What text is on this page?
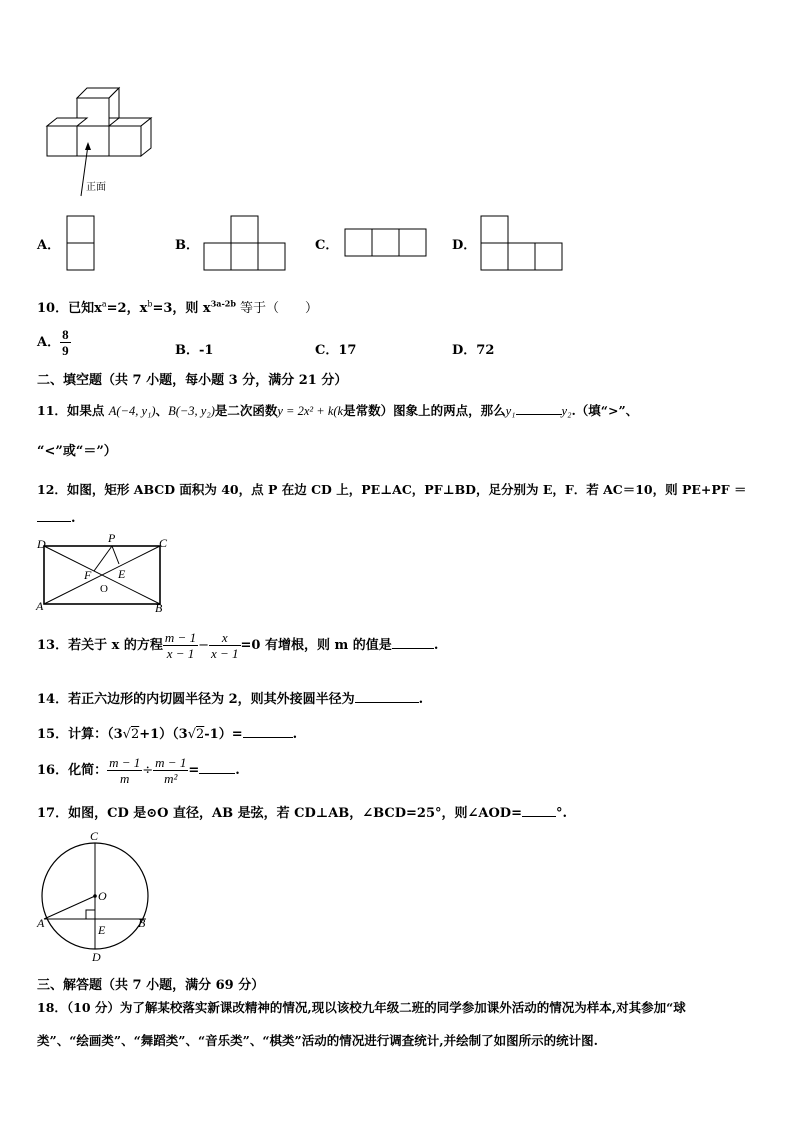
正面
A．	B．	C．	D．
10．已知$x^a=2$，$x^b=3$，则 $x^{3a-2b}$ 等于（　　）
A． $\frac{8}{9}$	B．-1	C．17	D．72
二、填空题（共 7 小题，每小题 3 分，满分 21 分）
11．如果点 A(−4, y₁)、B(−3, y₂)是二次函数y = 2x² + k(k是常数）图象上的两点，那么y₁	y₂.（填“>”、
“<”或“＝”）
12．如图，矩形 ABCD 面积为 40，点 P 在边 CD 上，PE⊥AC，PF⊥BD，足分别为 E，F．若 AC＝10，则 PE+PF ＝
.
D	P	C
F E
O
A	B
13．若关于 x 的方程 $\frac{m - 1}{x - 1} - \frac{x}{x - 1} =0$ 有增根，则 m 的值是	.
14．若正六边形的内切圆半径为 2，则其外接圆半径为	.
15．计算：（3√2+1）（3√2-1）=	.
16．化简： $\frac{m - 1}{m} \div \frac{m - 1}{\text{m²}}$ =	.
17．如图，CD 是⊙O 直径，AB 是弦，若 CD⊥AB，∠BCD=25°，则∠AOD=	°.
C
O
A	B
E
D
三、解答题（共 7 小题，满分 69 分）
18．（10 分）为了解某校落实新课改精神的情况,现以该校九年级二班的同学参加课外活动的情况为样本,对其参加“球
类”、“绘画类”、“舞蹈类”、“音乐类”、“棋类”活动的情况进行调查统计,并绘制了如图所示的统计图.
